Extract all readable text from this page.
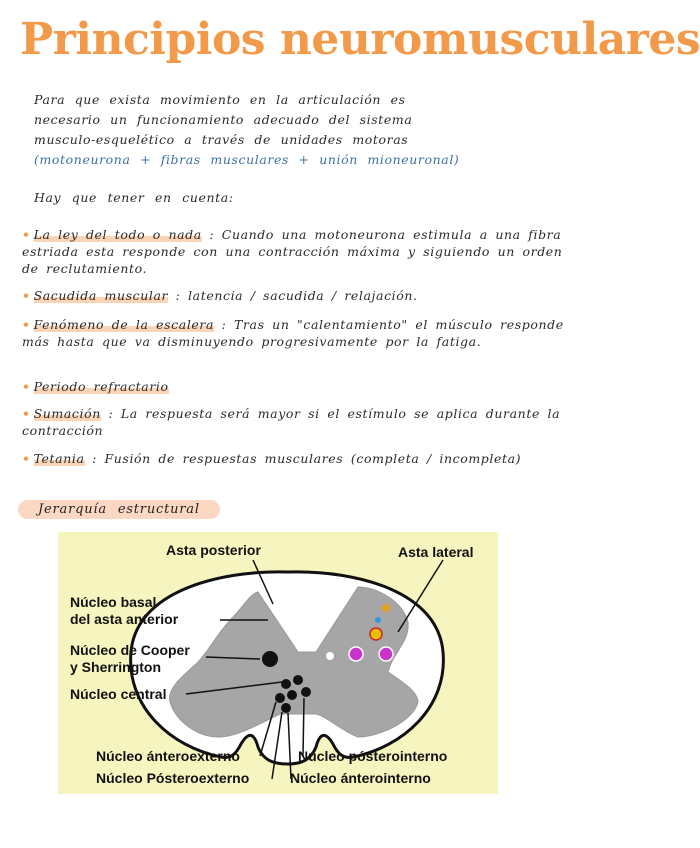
Principios neuromusculares
Para que exista movimiento en la articulación es
necesario un funcionamiento adecuado del sistema
musculo-esquelético a través de unidades motoras
(motoneurona + fibras musculares + unión mioneuronal)
Hay que tener en cuenta:
• La ley del todo o nada : Cuando una motoneurona estimula a una fibra estriada esta responde con una contracción máxima y siguiendo un orden de reclutamiento.
• Sacudida muscular : latencia / sacudida / relajación.
• Fenómeno de la escalera : Tras un "calentamiento" el músculo responde más hasta que va disminuyendo progresivamente por la fatiga.
• Periodo refractario
• Sumación : La respuesta será mayor si el estímulo se aplica durante la contracción
• Tetania : Fusión de respuestas musculares (completa / incompleta)
Jerarquía estructural
Asta posterior	Asta lateral
Núcleo basal
del asta anterior
Núcleo de Cooper
y Sherrington
Núcleo central
Núcleo ánteroexterno
Núcleo Pósteroexterno
Núcleo pósterointerno
Núcleo ánterointerno
